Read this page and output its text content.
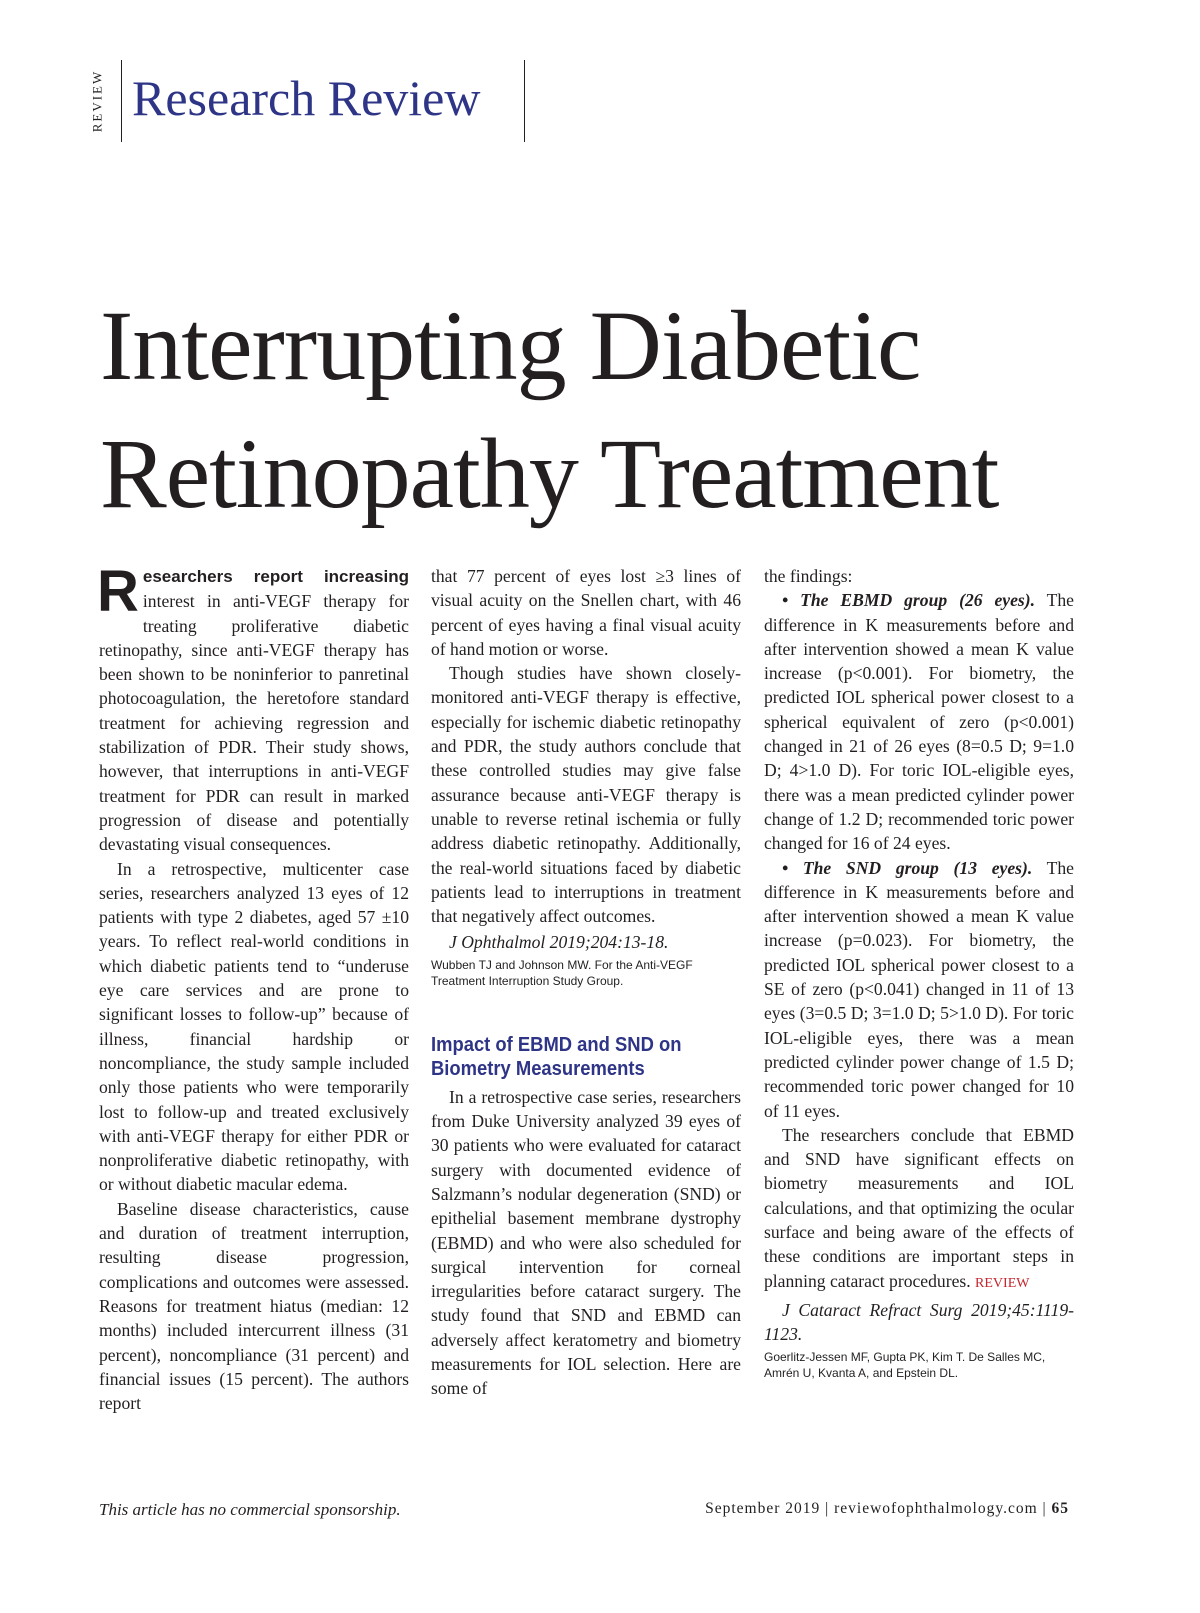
REVIEW Research Review
Interrupting Diabetic
Retinopathy Treatment

Researchers report increasing interest in anti-VEGF therapy for treating proliferative diabetic retinopathy, since anti-VEGF therapy has been shown to be noninferior to panretinal photocoagulation, the heretofore standard treatment for achieving regression and stabilization of PDR. Their study shows, however, that interruptions in anti-VEGF treatment for PDR can result in marked progression of disease and potentially devastating visual consequences.

In a retrospective, multicenter case series, researchers analyzed 13 eyes of 12 patients with type 2 diabetes, aged 57 ±10 years. To reflect real-world conditions in which diabetic patients tend to “underuse eye care services and are prone to significant losses to follow-up” because of illness, financial hardship or noncompliance, the study sample included only those patients who were temporarily lost to follow-up and treated exclusively with anti-VEGF therapy for either PDR or nonproliferative diabetic retinopathy, with or without diabetic macular edema.

Baseline disease characteristics, cause and duration of treatment interruption, resulting disease progression, complications and outcomes were assessed. Reasons for treatment hiatus (median: 12 months) included intercurrent illness (31 percent), noncompliance (31 percent) and financial issues (15 percent). The authors report

that 77 percent of eyes lost ≥3 lines of visual acuity on the Snellen chart, with 46 percent of eyes having a final visual acuity of hand motion or worse.

Though studies have shown closely-monitored anti-VEGF therapy is effective, especially for ischemic diabetic retinopathy and PDR, the study authors conclude that these controlled studies may give false assurance because anti-VEGF therapy is unable to reverse retinal ischemia or fully address diabetic retinopathy. Additionally, the real-world situations faced by diabetic patients lead to interruptions in treatment that negatively affect outcomes.

J Ophthalmol 2019;204:13-18.

Wubben TJ and Johnson MW. For the Anti-VEGF Treatment Interruption Study Group.

Impact of EBMD and SND on
Biometry Measurements

In a retrospective case series, researchers from Duke University analyzed 39 eyes of 30 patients who were evaluated for cataract surgery with documented evidence of Salzmann’s nodular degeneration (SND) or epithelial basement membrane dystrophy (EBMD) and who were also scheduled for surgical intervention for corneal irregularities before cataract surgery. The study found that SND and EBMD can adversely affect keratometry and biometry measurements for IOL selection. Here are some of

the findings:

• The EBMD group (26 eyes). The difference in K measurements before and after intervention showed a mean K value increase (p<0.001). For biometry, the predicted IOL spherical power closest to a spherical equivalent of zero (p<0.001) changed in 21 of 26 eyes (8=0.5 D; 9=1.0 D; 4>1.0 D). For toric IOL-eligible eyes, there was a mean predicted cylinder power change of 1.2 D; recommended toric power changed for 16 of 24 eyes.

• The SND group (13 eyes). The difference in K measurements before and after intervention showed a mean K value increase (p=0.023). For biometry, the predicted IOL spherical power closest to a SE of zero (p<0.041) changed in 11 of 13 eyes (3=0.5 D; 3=1.0 D; 5>1.0 D). For toric IOL-eligible eyes, there was a mean predicted cylinder power change of 1.5 D; recommended toric power changed for 10 of 11 eyes.

The researchers conclude that EBMD and SND have significant effects on biometry measurements and IOL calculations, and that optimizing the ocular surface and being aware of the effects of these conditions are important steps in planning cataract procedures. REVIEW

J Cataract Refract Surg 2019;45:1119-1123.

Goerlitz-Jessen MF, Gupta PK, Kim T. De Salles MC, Amrén U, Kvanta A, and Epstein DL.

This article has no commercial sponsorship.	September 2019 | reviewofophthalmology.com | 65
